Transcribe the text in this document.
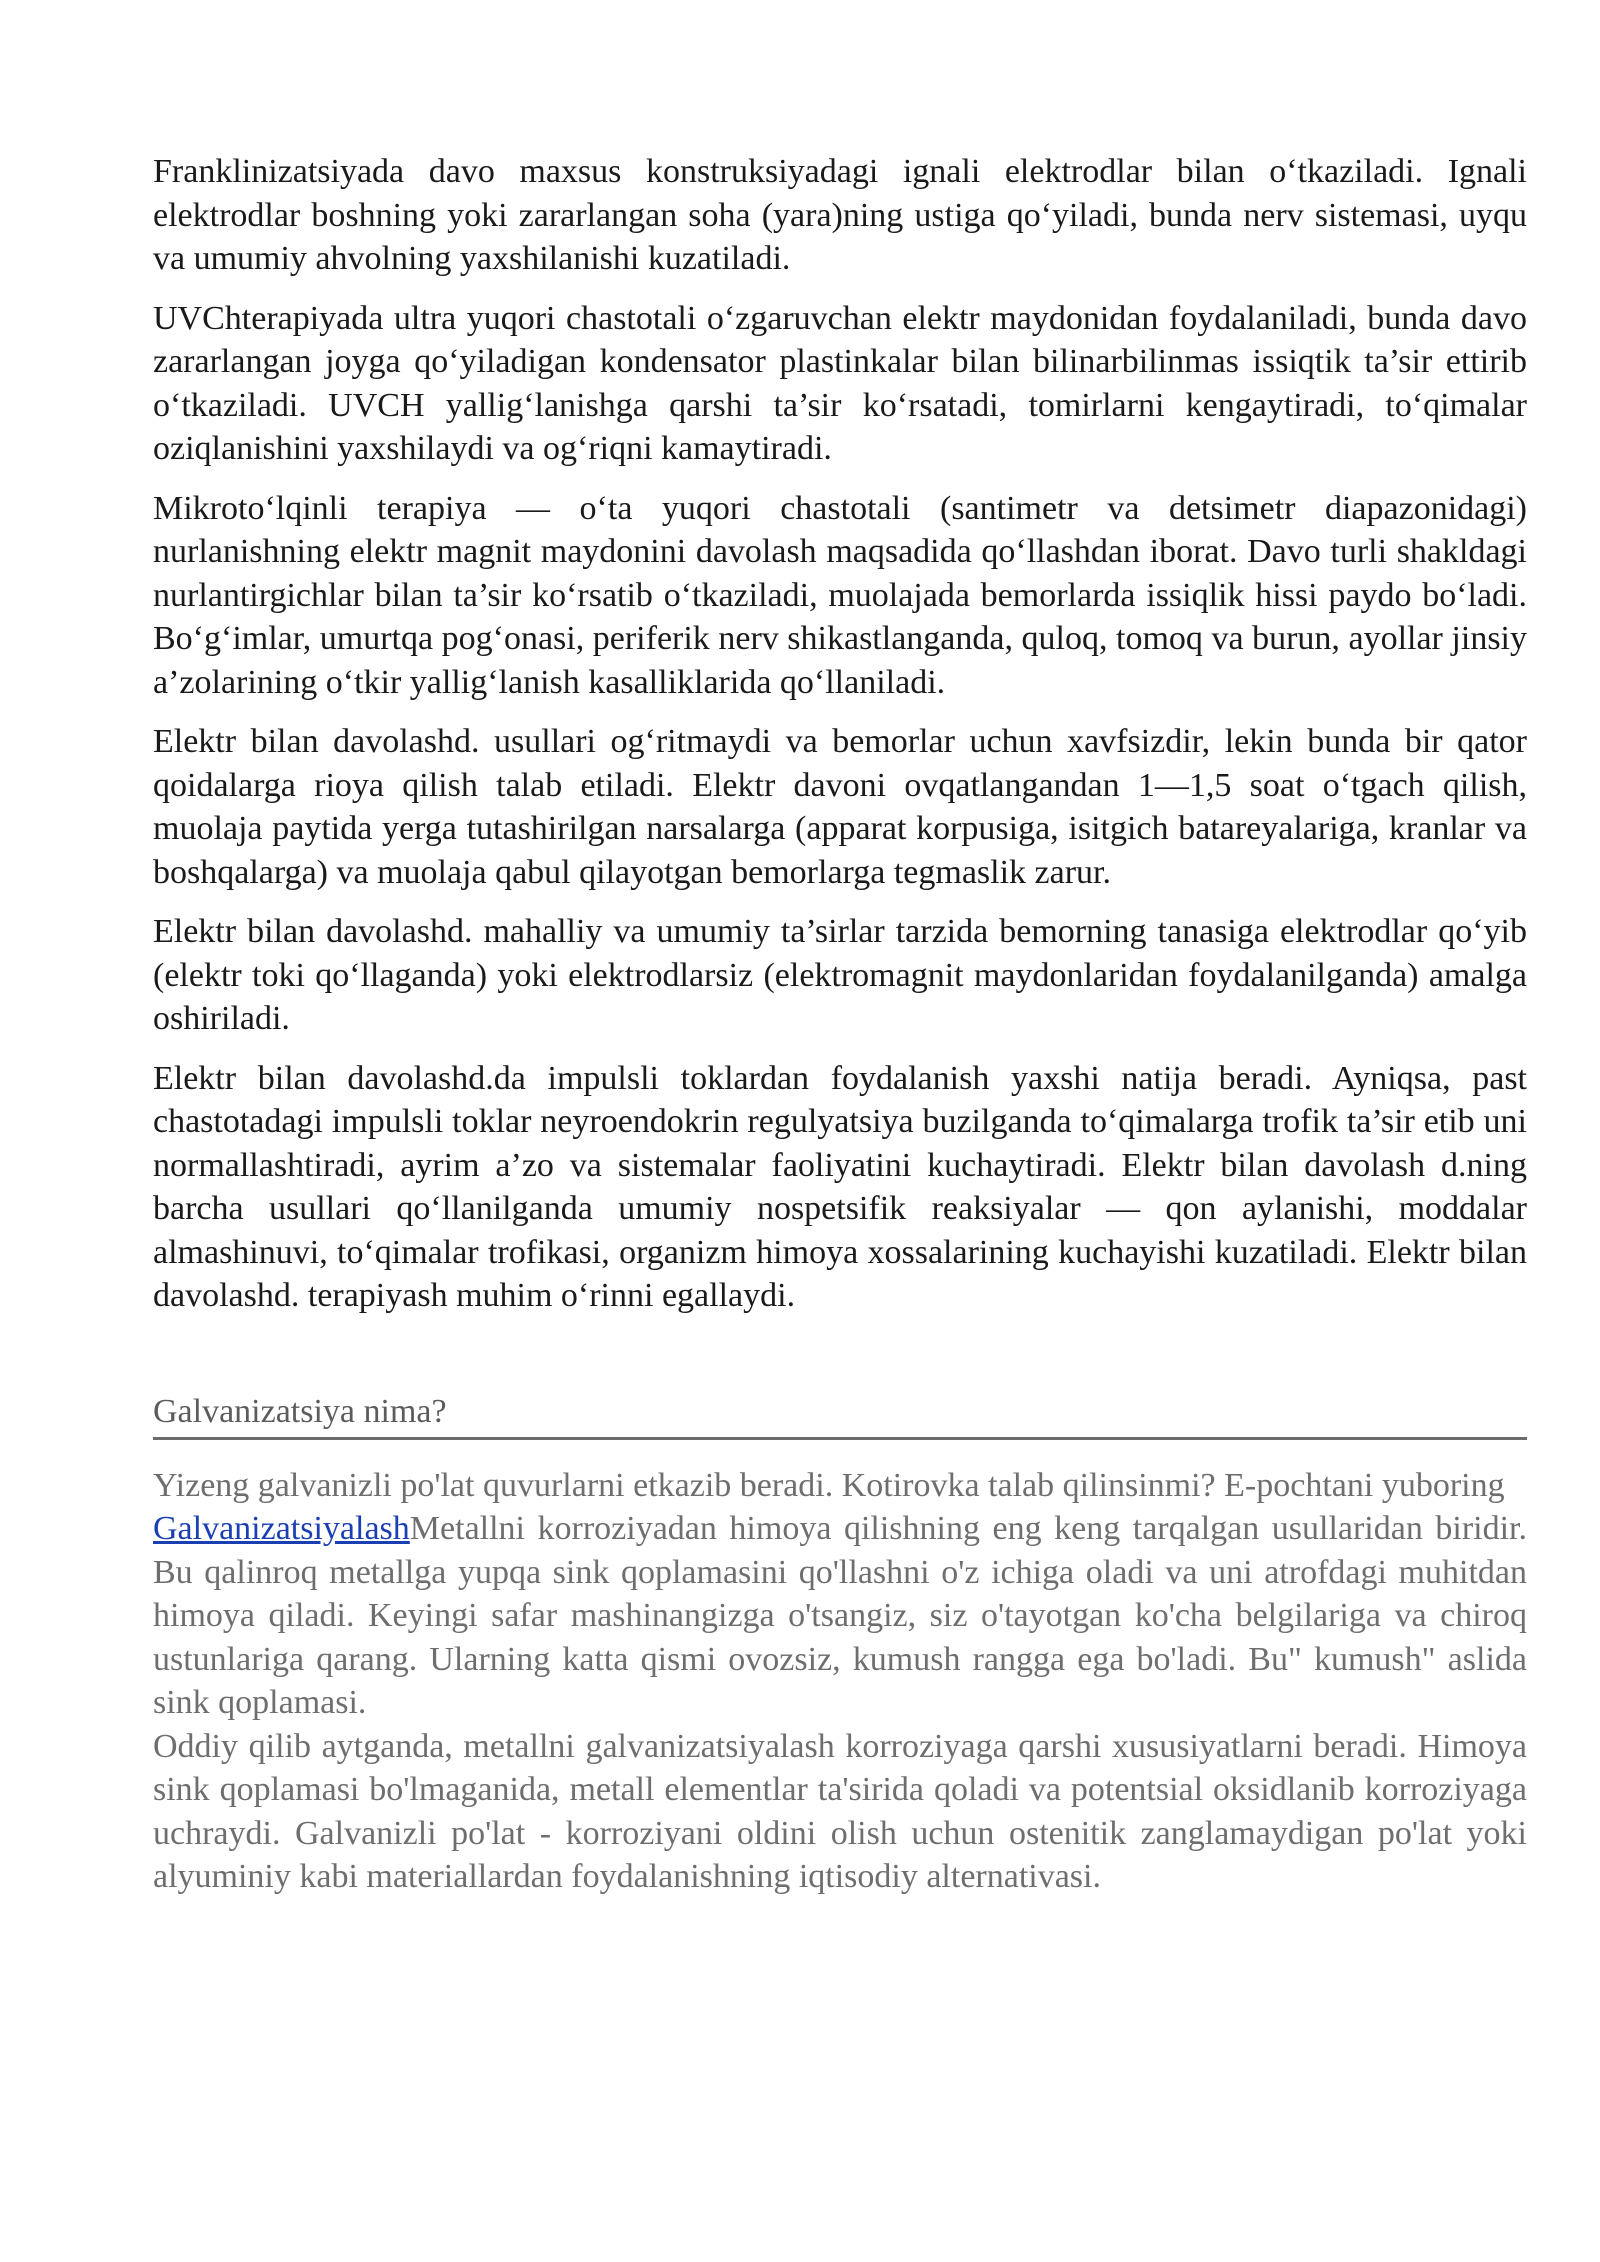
Franklinizatsiyada davo maxsus konstruksiyadagi ignali elektrodlar bilan o‘tkaziladi. Ignali elektrodlar boshning yoki zararlangan soha (yara)ning ustiga qo‘yiladi, bunda nerv sistemasi, uyqu va umumiy ahvolning yaxshilanishi kuzatiladi.

UVChterapiyada ultra yuqori chastotali o‘zgaruvchan elektr maydonidan foydalaniladi, bunda davo zararlangan joyga qo‘yiladigan kondensator plastinkalar bilan bilinarbilinmas issiqtik ta’sir ettirib o‘tkaziladi. UVCH yallig‘lanishga qarshi ta’sir ko‘rsatadi, tomirlarni kengaytiradi, to‘qimalar oziqlanishini yaxshilaydi va og‘riqni kamaytiradi.

Mikroto‘lqinli terapiya — o‘ta yuqori chastotali (santimetr va detsimetr diapazonidagi) nurlanishning elektr magnit maydonini davolash maqsadida qo‘llashdan iborat. Davo turli shakldagi nurlantirgichlar bilan ta’sir ko‘rsatib o‘tkaziladi, muolajada bemorlarda issiqlik hissi paydo bo‘ladi. Bo‘g‘imlar, umurtqa pog‘onasi, periferik nerv shikastlanganda, quloq, tomoq va burun, ayollar jinsiy a’zolarining o‘tkir yallig‘lanish kasalliklarida qo‘llaniladi.

Elektr bilan davolashd. usullari og‘ritmaydi va bemorlar uchun xavfsizdir, lekin bunda bir qator qoidalarga rioya qilish talab etiladi. Elektr davoni ovqatlangandan 1—1,5 soat o‘tgach qilish, muolaja paytida yerga tutashirilgan narsalarga (apparat korpusiga, isitgich batareyalariga, kranlar va boshqalarga) va muolaja qabul qilayotgan bemorlarga tegmaslik zarur.

Elektr bilan davolashd. mahalliy va umumiy ta’sirlar tarzida bemorning tanasiga elektrodlar qo‘yib (elektr toki qo‘llaganda) yoki elektrodlarsiz (elektromagnit maydonlaridan foydalanilganda) amalga oshiriladi.

Elektr bilan davolashd.da impulsli toklardan foydalanish yaxshi natija beradi. Ayniqsa, past chastotadagi impulsli toklar neyroendokrin regulyatsiya buzilganda to‘qimalarga trofik ta’sir etib uni normallashtiradi, ayrim a’zo va sistemalar faoliyatini kuchaytiradi. Elektr bilan davolash d.ning barcha usullari qo‘llanilganda umumiy nospetsifik reaksiyalar — qon aylanishi, moddalar almashinuvi, to‘qimalar trofikasi, organizm himoya xossalarining kuchayishi kuzatiladi. Elektr bilan davolashd. terapiyash muhim o‘rinni egallaydi.

Galvanizatsiya nima?

Yizeng galvanizli po'lat quvurlarni etkazib beradi. Kotirovka talab qilinsinmi? E-pochtani yuboring

GalvanizatsiyalashMetallni korroziyadan himoya qilishning eng keng tarqalgan usullaridan biridir. Bu qalinroq metallga yupqa sink qoplamasini qo'llashni o'z ichiga oladi va uni atrofdagi muhitdan himoya qiladi. Keyingi safar mashinangizga o'tsangiz, siz o'tayotgan ko'cha belgilariga va chiroq ustunlariga qarang. Ularning katta qismi ovozsiz, kumush rangga ega bo'ladi. Bu" kumush" aslida sink qoplamasi.

Oddiy qilib aytganda, metallni galvanizatsiyalash korroziyaga qarshi xususiyatlarni beradi. Himoya sink qoplamasi bo'lmaganida, metall elementlar ta'sirida qoladi va potentsial oksidlanib korroziyaga uchraydi. Galvanizli po'lat - korroziyani oldini olish uchun ostenitik zanglamaydigan po'lat yoki alyuminiy kabi materiallardan foydalanishning iqtisodiy alternativasi.
